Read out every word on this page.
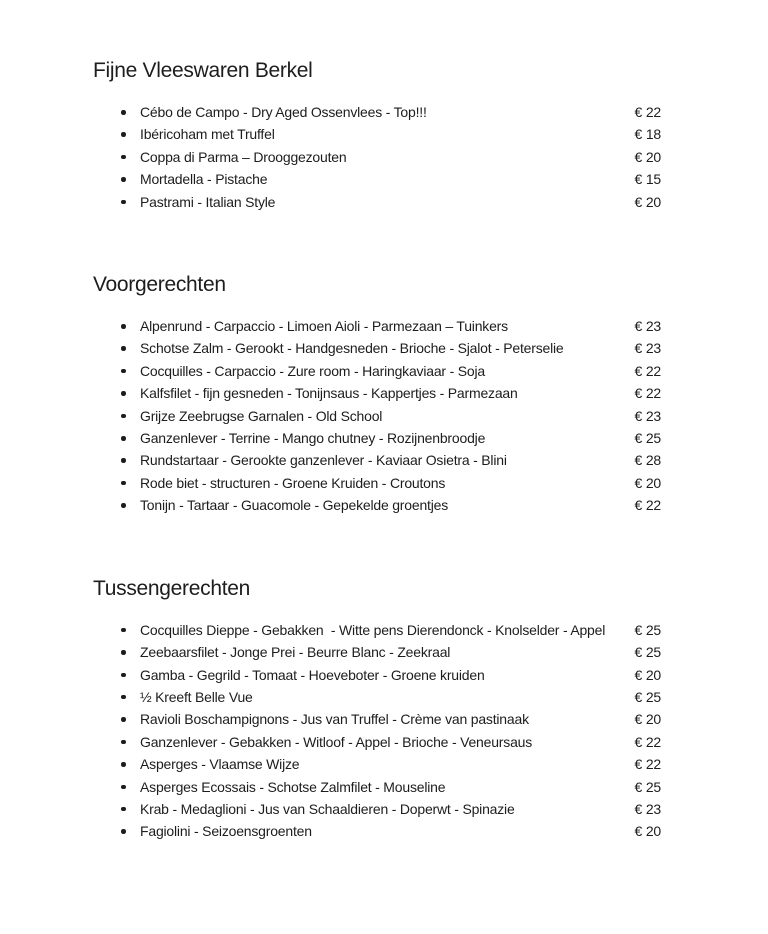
Fijne Vleeswaren Berkel
Cébo de Campo - Dry Aged Ossenvlees - Top!!!	€ 22
Ibéricoham met Truffel	€ 18
Coppa di Parma – Drooggezouten	€ 20
Mortadella - Pistache	€ 15
Pastrami - Italian Style	€ 20
Voorgerechten
Alpenrund - Carpaccio - Limoen Aioli - Parmezaan – Tuinkers	€ 23
Schotse Zalm - Gerookt - Handgesneden - Brioche - Sjalot - Peterselie	€ 23
Cocquilles - Carpaccio - Zure room - Haringkaviaar - Soja	€ 22
Kalfsfilet - fijn gesneden - Tonijnsaus - Kappertjes - Parmezaan	€ 22
Grijze Zeebrugse Garnalen - Old School	€ 23
Ganzenlever - Terrine - Mango chutney - Rozijnenbroodje	€ 25
Rundstartaar - Gerookte ganzenlever - Kaviaar Osietra - Blini	€ 28
Rode biet - structuren - Groene Kruiden - Croutons	€ 20
Tonijn - Tartaar - Guacomole - Gepekelde groentjes	€ 22
Tussengerechten
Cocquilles Dieppe - Gebakken  - Witte pens Dierendonck - Knolselder - Appel	€ 25
Zeebaarsfilet - Jonge Prei - Beurre Blanc - Zeekraal	€ 25
Gamba - Gegrild - Tomaat - Hoeveboter - Groene kruiden	€ 20
½ Kreeft Belle Vue	€ 25
Ravioli Boschampignons - Jus van Truffel - Crème van pastinaak	€ 20
Ganzenlever - Gebakken - Witloof - Appel - Brioche - Veneursaus	€ 22
Asperges - Vlaamse Wijze	€ 22
Asperges Ecossais - Schotse Zalmfilet - Mouseline	€ 25
Krab - Medaglioni - Jus van Schaaldieren - Doperwt - Spinazie	€ 23
Fagiolini - Seizoensgroenten	€ 20
